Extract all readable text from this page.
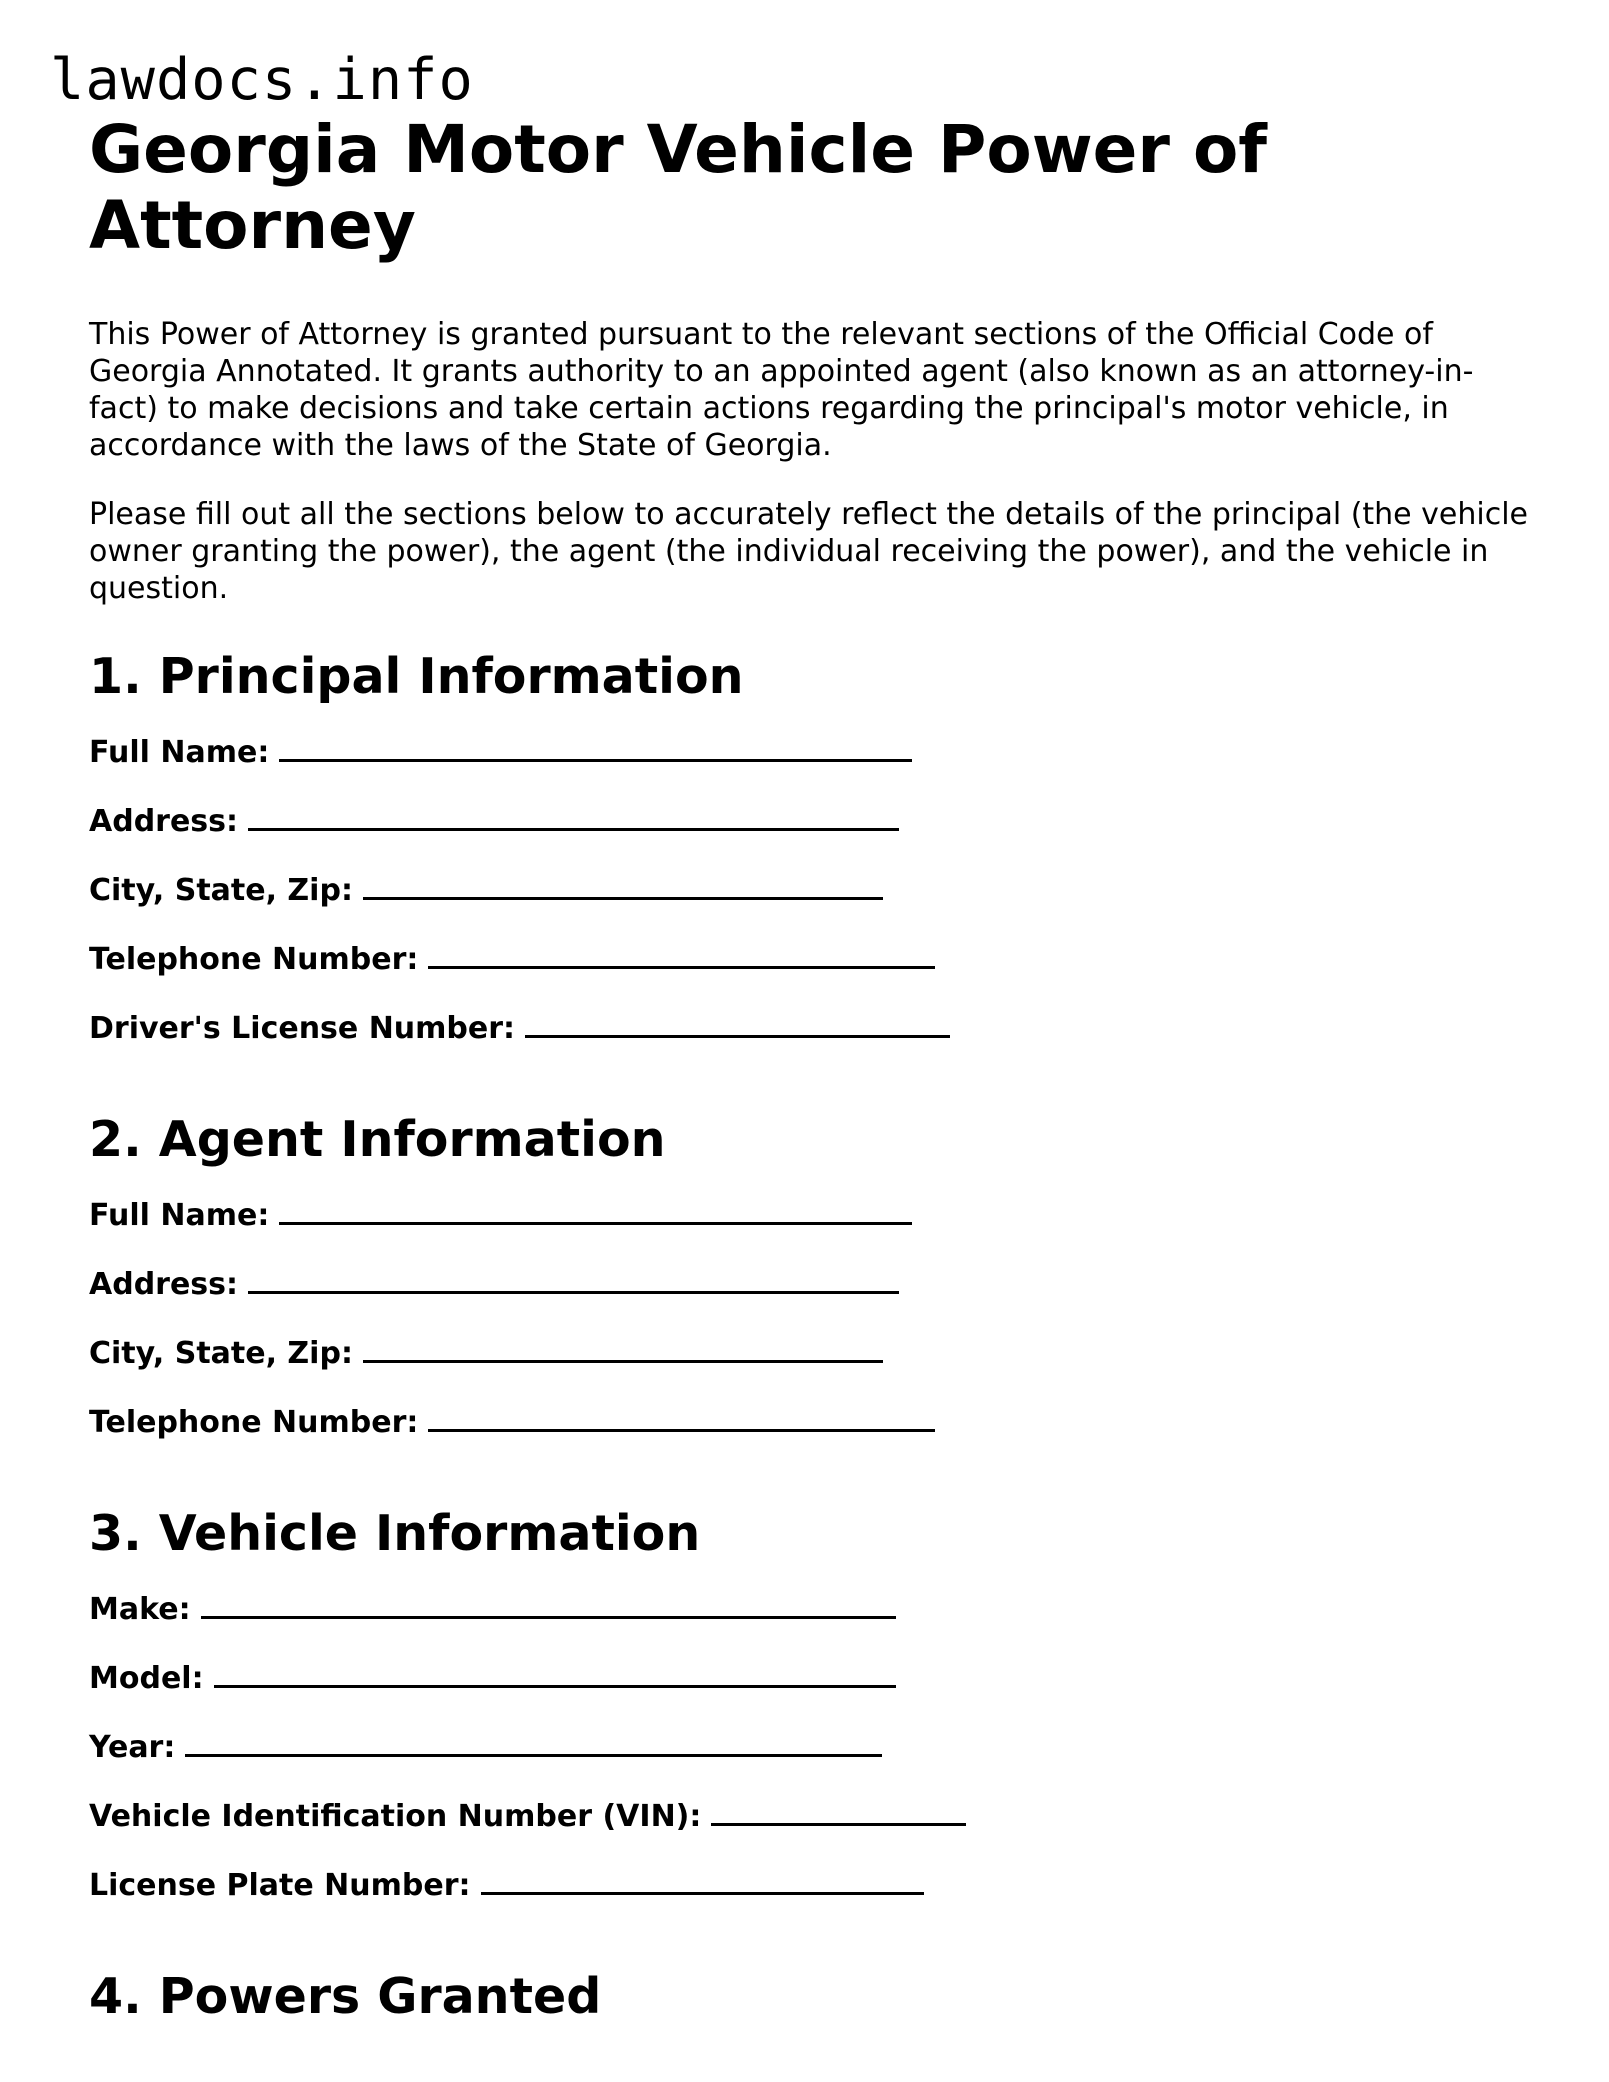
lawdocs.info
Georgia Motor Vehicle Power of Attorney

This Power of Attorney is granted pursuant to the relevant sections of the Official Code of Georgia Annotated. It grants authority to an appointed agent (also known as an attorney-in-fact) to make decisions and take certain actions regarding the principal's motor vehicle, in accordance with the laws of the State of Georgia.

Please fill out all the sections below to accurately reflect the details of the principal (the vehicle owner granting the power), the agent (the individual receiving the power), and the vehicle in question.

1. Principal Information
Full Name:
Address:
City, State, Zip:
Telephone Number:
Driver's License Number:
2. Agent Information
Full Name:
Address:
City, State, Zip:
Telephone Number:
3. Vehicle Information
Make:
Model:
Year:
Vehicle Identification Number (VIN):
License Plate Number:
4. Powers Granted
